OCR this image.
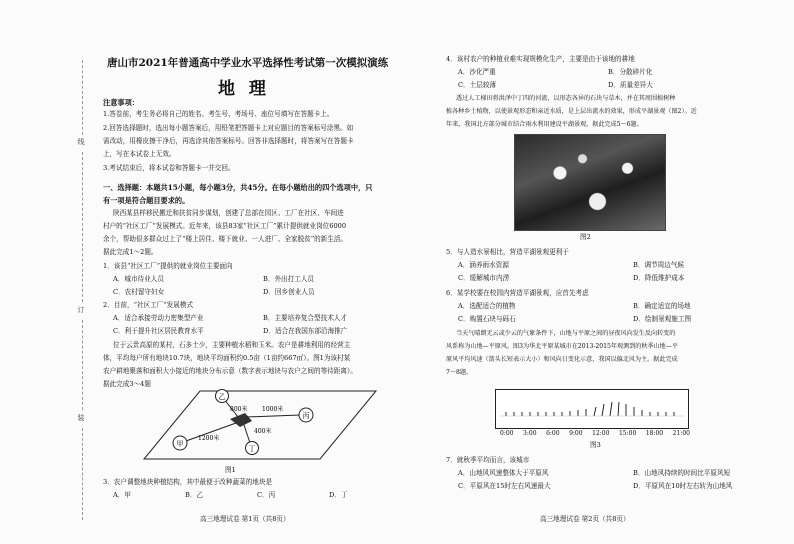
线
订
装
唐山市2021年普通高中学业水平选择性考试第一次模拟演练
地 理
注意事项：
1.答卷前，考生务必将自己的姓名、考生号、考场号、座位号填写在答题卡上。
2.回答选择题时，选出每小题答案后，用铅笔把答题卡上对应题目的答案标号涂黑。如
需改动，用橡皮擦干净后，再选涂其他答案标号。回答非选择题时，将答案写在答题卡
上，写在本试卷上无效。
3.考试结束后，将本试卷和答题卡一并交回。
一、选择题：本题共15小题，每小题3分，共45分。在每小题给出的四个选项中，只
有一项是符合题目要求的。
陕西某县样移民搬迁和扶贫同步谋划，创建了总部在园区、工厂在社区、车间进
村户的“社区工厂”发展模式。近年来，该县83家“社区工厂”累计提供就业岗位6000
余个，帮助很多群众过上了“楼上居住、楼下就业、一人进厂、全家脱贫”的新生活。
据此完成1～2题。
1．该县“社区工厂”提供的就业岗位主要面向
A．城市待业人员	B．外出打工人员
C．农村留守妇女	D．回乡创业人员
2．目前，“社区工厂”发展模式
A．适合承接劳动力密集型产业	B．主要培养复合型技术人才
C．利于提升社区居民教育水平	D．适合在我国东部沿海推广
位于云贵高原的某村，石多土少，主要种植水稻和玉米。农户是耕地利用的经营主
体，平均每户所有地块10.7块，地块平均面积约0.5亩（1亩约667㎡）。图1为该村某
农户耕地聚落和面积大小接近的地块分布示意（数字表示地块与农户之间的等待距离）。
据此完成3～4题
乙
甲
丙
丁
800米 1000米
1200米
400米
图1
3．农户调整地块种植结构，其中最便于改种蔬菜的地块是
A．甲	B．乙	C．丙	D．丁
高三地理试卷 第1页（共8页）
4．该村农户的种植业难实现规模化生产，主要是由于该地的耕地
A．沙化严重	B．分散碎片化
C．土层较薄	D．质量差异大
透过人工梯田将洪泽中丁四的河流，以形态各异的石块与草木，并在其周围植树种
植各种乡土植物，以使景观形态和亲近水质，是上层出流水的效果，形成平湖景观（图2）。近
年来，我国北方部分城市结合雨水利用建设平湖景观。据此完成5～6题。
图2
5．与人造水景相比，营造平湖景观更利于
A．涵养雨水资源	B．调节周边气候
C．缓解城市内涝	D．降低维护成本
6．某学校要在校园内营造平湖景观，应首先考虑
A．选配适合的植物	B．确定适宜的场地
C．购置石块与砾石	D．绘制景观施工图
当天气晴朗无云或少云的气象条件下，山地与平原之间的昼夜风向发生反向转变的
风系称为山地—平原风。图3为华北平原某城市在2013-2015年观测到的秋季山地—平
原风平均风速（箭头长短表示大小）和风向日变化示意，我国以偏北风为主。据此完成
7～8题。
0:00 3:00 6:00 9:00 12:00 15:00 18:00 21:00
图3
7．就秋季平均而言，该城市
A．山地风风速整体大于平原风	B．山地风持续的时间比平原风短
C．平原风在15时左右风速最大	D．平原风在10时左右转为山地风
高三地理试卷 第2页（共8页）
